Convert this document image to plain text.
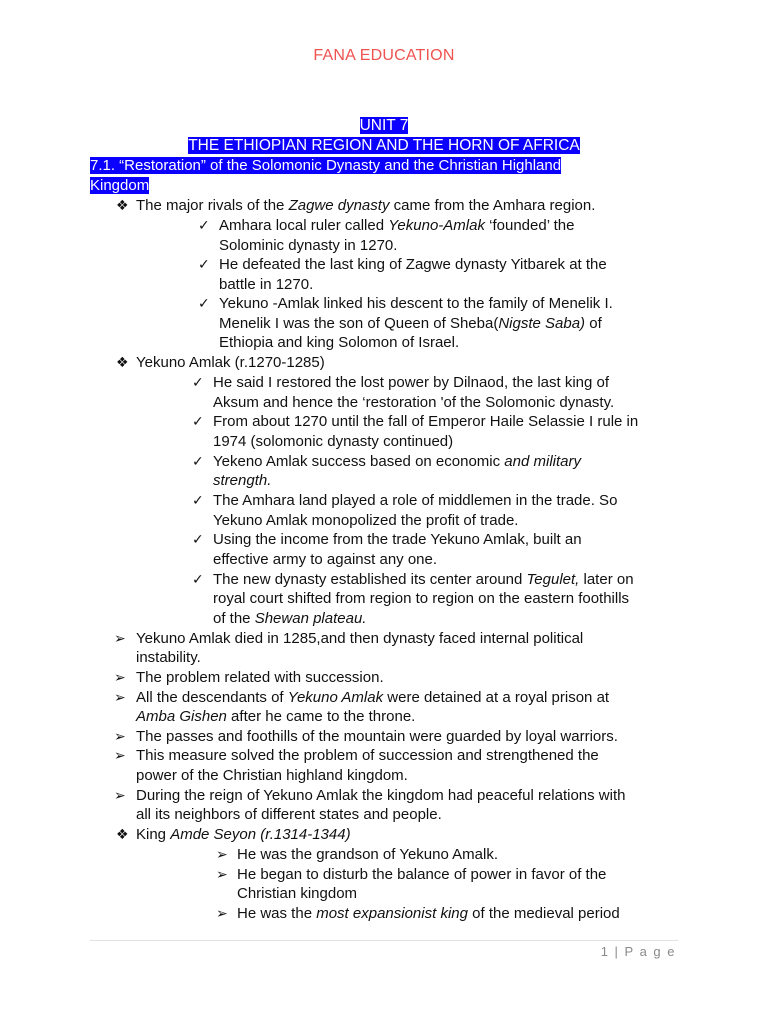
FANA EDUCATION
UNIT 7
THE ETHIOPIAN REGION AND THE HORN OF AFRICA
7.1. “Restoration” of the Solomonic Dynasty and the Christian Highland
Kingdom
❖ The major rivals of the Zagwe dynasty came from the Amhara region.
✓ Amhara local ruler called Yekuno-Amlak ‘founded’ the
Solominic dynasty in 1270.
✓ He defeated the last king of Zagwe dynasty Yitbarek at the
battle in 1270.
✓ Yekuno -Amlak linked his descent to the family of Menelik I.
Menelik I was the son of Queen of Sheba(Nigste Saba) of
Ethiopia and king Solomon of Israel.
❖ Yekuno Amlak (r.1270-1285)
✓ He said I restored the lost power by Dilnaod, the last king of
Aksum and hence the ‘restoration 'of the Solomonic dynasty.
✓ From about 1270 until the fall of Emperor Haile Selassie I rule in
1974 (solomonic dynasty continued)
✓ Yekeno Amlak success based on economic and military
strength.
✓ The Amhara land played a role of middlemen in the trade. So
Yekuno Amlak monopolized the profit of trade.
✓ Using the income from the trade Yekuno Amlak, built an
effective army to against any one.
✓ The new dynasty established its center around Tegulet, later on
royal court shifted from region to region on the eastern foothills
of the Shewan plateau.
➢ Yekuno Amlak died in 1285,and then dynasty faced internal political
instability.
➢ The problem related with succession.
➢ All the descendants of Yekuno Amlak were detained at a royal prison at
Amba Gishen after he came to the throne.
➢ The passes and foothills of the mountain were guarded by loyal warriors.
➢ This measure solved the problem of succession and strengthened the
power of the Christian highland kingdom.
➢ During the reign of Yekuno Amlak the kingdom had peaceful relations with
all its neighbors of different states and people.
❖ King Amde Seyon (r.1314-1344)
➢ He was the grandson of Yekuno Amalk.
➢ He began to disturb the balance of power in favor of the
Christian kingdom
➢ He was the most expansionist king of the medieval period
1 | P a g e
